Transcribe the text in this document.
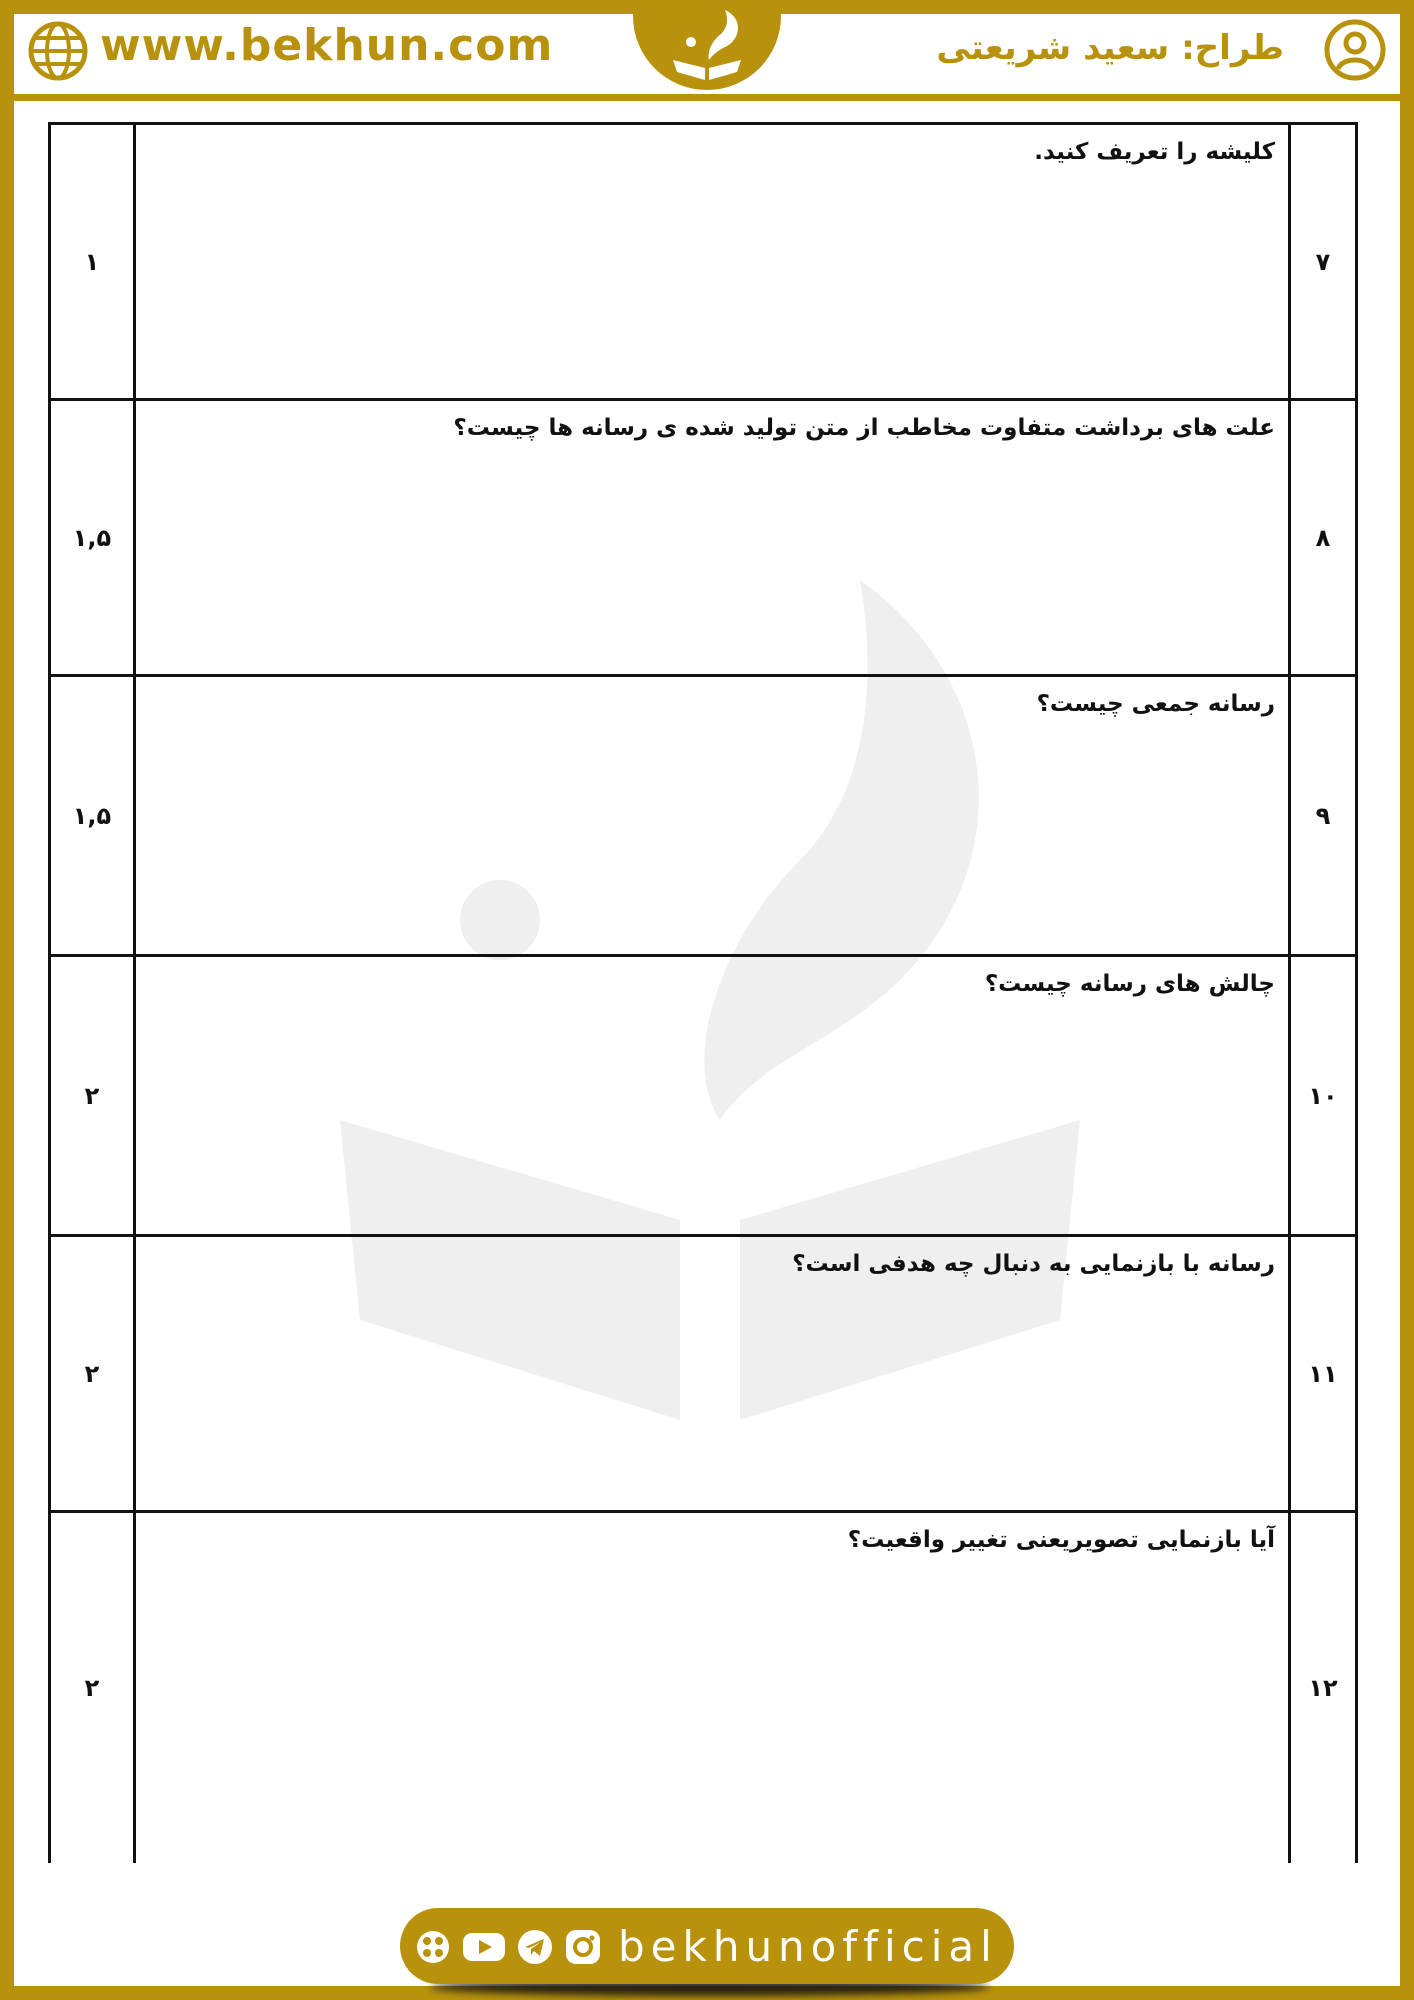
www.bekhun.com	طراح: سعید شریعتی
۷
کلیشه را تعریف کنید.
۱
۸
علت های برداشت متفاوت مخاطب از متن تولید شده ی رسانه ها چیست؟
۱,۵
۹
رسانه جمعی چیست؟
۱,۵
۱۰
چالش های رسانه چیست؟
۲
۱۱
رسانه با بازنمایی به دنبال چه هدفی است؟
۲
۱۲
آیا بازنمایی تصویریعنی تغییر واقعیت؟
۲
bekhunofficial
